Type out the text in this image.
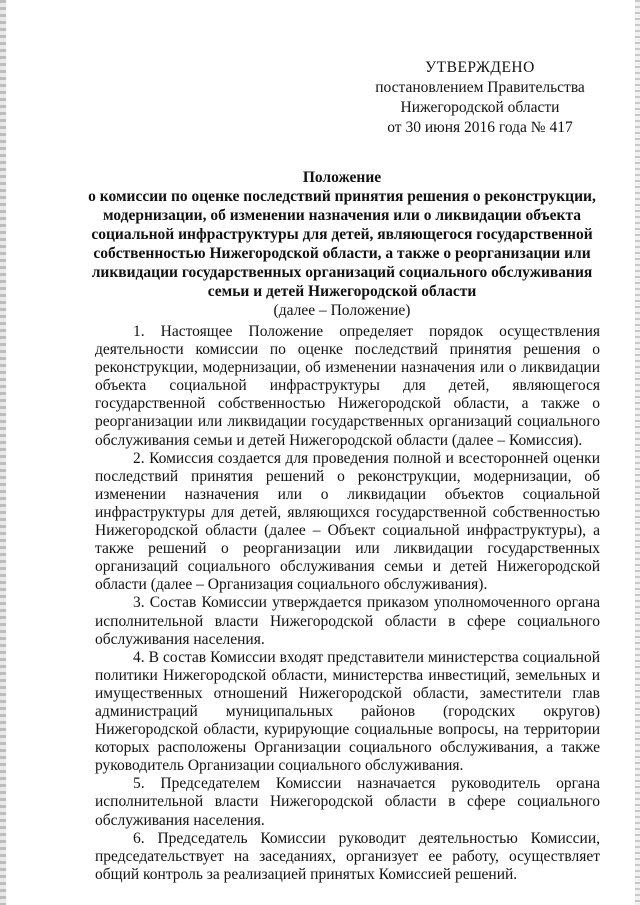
УТВЕРЖДЕНО
постановлением Правительства
Нижегородской области
от 30 июня 2016 года № 417
Положение
о комиссии по оценке последствий принятия решения о реконструкции,
модернизации, об изменении назначения или о ликвидации объекта
социальной инфраструктуры для детей, являющегося государственной
собственностью Нижегородской области, а также о реорганизации или
ликвидации государственных организаций социального обслуживания
семьи и детей Нижегородской области
(далее – Положение)

1. Настоящее Положение определяет порядок осуществления деятельности комиссии по оценке последствий принятия решения о реконструкции, модернизации, об изменении назначения или о ликвидации объекта социальной инфраструктуры для детей, являющегося государственной собственностью Нижегородской области, а также о реорганизации или ликвидации государственных организаций социального обслуживания семьи и детей Нижегородской области (далее – Комиссия).

2. Комиссия создается для проведения полной и всесторонней оценки последствий принятия решений о реконструкции, модернизации, об изменении назначения или о ликвидации объектов социальной инфраструктуры для детей, являющихся государственной собственностью Нижегородской области (далее – Объект социальной инфраструктуры), а также решений о реорганизации или ликвидации государственных организаций социального обслуживания семьи и детей Нижегородской области (далее – Организация социального обслуживания).

3. Состав Комиссии утверждается приказом уполномоченного органа исполнительной власти Нижегородской области в сфере социального обслуживания населения.

4. В состав Комиссии входят представители министерства социальной политики Нижегородской области, министерства инвестиций, земельных и имущественных отношений Нижегородской области, заместители глав администраций муниципальных районов (городских округов) Нижегородской области, курирующие социальные вопросы, на территории которых расположены Организации социального обслуживания, а также руководитель Организации социального обслуживания.

5. Председателем Комиссии назначается руководитель органа исполнительной власти Нижегородской области в сфере социального обслуживания населения.

6. Председатель Комиссии руководит деятельностью Комиссии, председательствует на заседаниях, организует ее работу, осуществляет общий контроль за реализацией принятых Комиссией решений.
